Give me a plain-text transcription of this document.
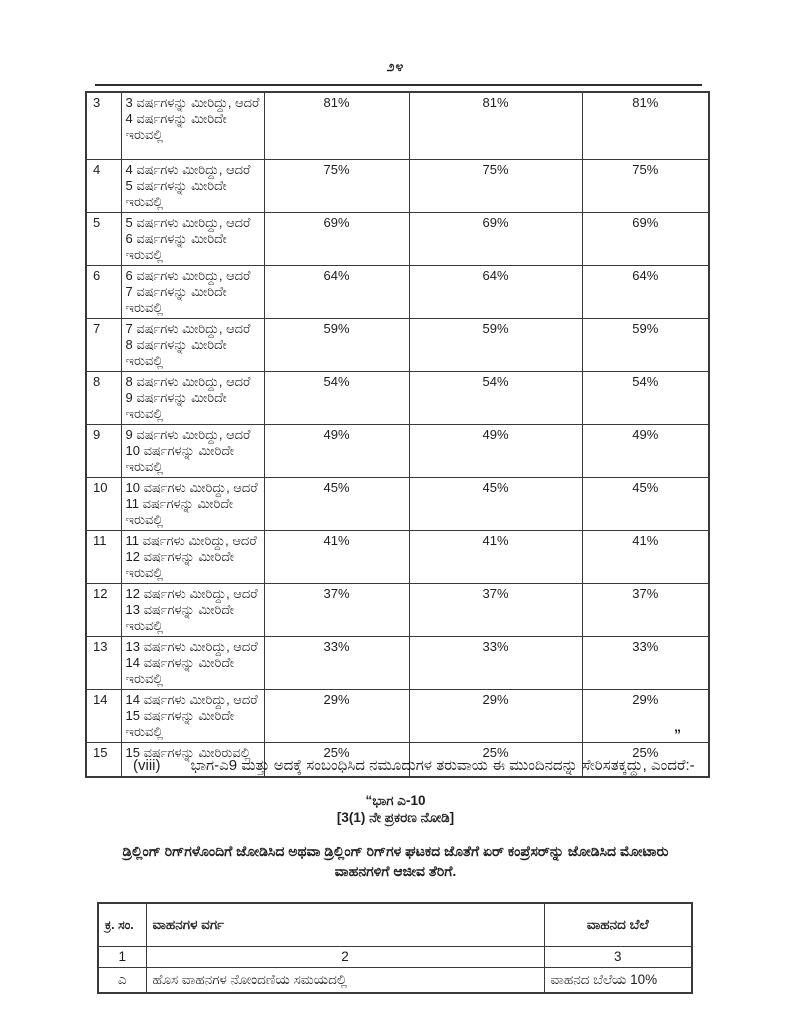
೨೪
3	3 ವರ್ಷಗಳನ್ನು ಮೀರಿದ್ದು, ಆದರೆ 4 ವರ್ಷಗಳನ್ನು ಮೀರಿದೇ ಇರುವಲ್ಲಿ	81%	81%	81%
4	4 ವರ್ಷಗಳು ಮೀರಿದ್ದು, ಆದರೆ 5 ವರ್ಷಗಳನ್ನು ಮೀರಿದೇ ಇರುವಲ್ಲಿ	75%	75%	75%
5	5 ವರ್ಷಗಳು ಮೀರಿದ್ದು, ಆದರೆ 6 ವರ್ಷಗಳನ್ನು ಮೀರಿದೇ ಇರುವಲ್ಲಿ	69%	69%	69%
6	6 ವರ್ಷಗಳು ಮೀರಿದ್ದು, ಆದರೆ 7 ವರ್ಷಗಳನ್ನು ಮೀರಿದೇ ಇರುವಲ್ಲಿ	64%	64%	64%
7	7 ವರ್ಷಗಳು ಮೀರಿದ್ದು, ಆದರೆ 8 ವರ್ಷಗಳನ್ನು ಮೀರಿದೇ ಇರುವಲ್ಲಿ	59%	59%	59%
8	8 ವರ್ಷಗಳು ಮೀರಿದ್ದು, ಆದರೆ 9 ವರ್ಷಗಳನ್ನು ಮೀರಿದೇ ಇರುವಲ್ಲಿ	54%	54%	54%
9	9 ವರ್ಷಗಳು ಮೀರಿದ್ದು, ಆದರೆ 10 ವರ್ಷಗಳನ್ನು ಮೀರಿದೇ ಇರುವಲ್ಲಿ	49%	49%	49%
10	10 ವರ್ಷಗಳು ಮೀರಿದ್ದು, ಆದರೆ 11 ವರ್ಷಗಳನ್ನು ಮೀರಿದೇ ಇರುವಲ್ಲಿ	45%	45%	45%
11	11 ವರ್ಷಗಳು ಮೀರಿದ್ದು, ಆದರೆ 12 ವರ್ಷಗಳನ್ನು ಮೀರಿದೇ ಇರುವಲ್ಲಿ	41%	41%	41%
12	12 ವರ್ಷಗಳು ಮೀರಿದ್ದು, ಆದರೆ 13 ವರ್ಷಗಳನ್ನು ಮೀರಿದೇ ಇರುವಲ್ಲಿ	37%	37%	37%
13	13 ವರ್ಷಗಳು ಮೀರಿದ್ದು, ಆದರೆ 14 ವರ್ಷಗಳನ್ನು ಮೀರಿದೇ ಇರುವಲ್ಲಿ	33%	33%	33%
14	14 ವರ್ಷಗಳು ಮೀರಿದ್ದು, ಆದರೆ 15 ವರ್ಷಗಳನ್ನು ಮೀರಿದೇ ಇರುವಲ್ಲಿ	29%	29%	29%
15	15 ವರ್ಷಗಳನ್ನು ಮೀರಿರುವಲ್ಲಿ	25%	25%	25%
”

(viii) ಭಾಗ-ಎ9 ಮತ್ತು ಅದಕ್ಕೆ ಸಂಬಂಧಿಸಿದ ನಮೂದುಗಳ ತರುವಾಯ ಈ ಮುಂದಿನದನ್ನು ಸೇರಿಸತಕ್ಕದ್ದು, ಎಂದರೆ:-

“ಭಾಗ ಎ-10
[3(1) ನೇ ಪ್ರಕರಣ ನೋಡಿ]
ಡ್ರಿಲ್ಲಿಂಗ್ ರಿಗ್‌ಗಳೊಂದಿಗೆ ಜೋಡಿಸಿದ ಅಥವಾ ಡ್ರಿಲ್ಲಿಂಗ್ ರಿಗ್‌ಗಳ ಘಟಕದ ಜೊತೆಗೆ ಏರ್ ಕಂಪ್ರೆಸರ್‌ನ್ನು ಜೋಡಿಸಿದ ಮೋಟಾರು ವಾಹನಗಳಿಗೆ ಆಜೀವ ತೆರಿಗೆ.
ಕ್ರ. ಸಂ.	ವಾಹನಗಳ ವರ್ಗ	ವಾಹನದ ಬೆಲೆ
1	2	3
ಎ	ಹೊಸ ವಾಹನಗಳ ನೋಂದಣಿಯ ಸಮಯದಲ್ಲಿ	ವಾಹನದ ಬೆಲೆಯ 10%
